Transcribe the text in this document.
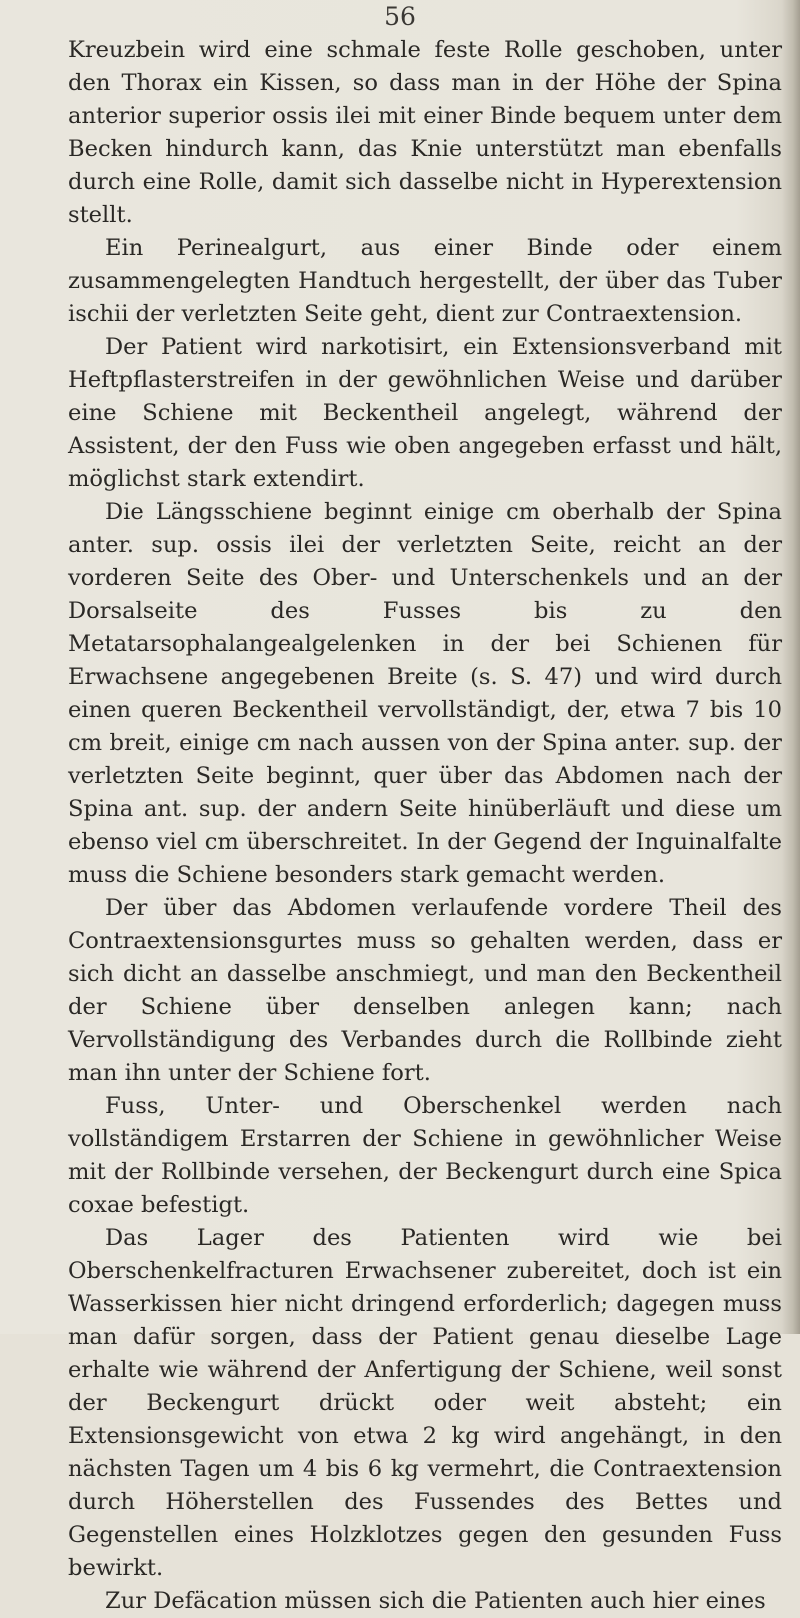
56

Kreuzbein wird eine schmale feste Rolle geschoben, unter den Thorax ein Kissen, so dass man in der Höhe der Spina anterior superior ossis ilei mit einer Binde bequem unter dem Becken hindurch kann, das Knie unterstützt man ebenfalls durch eine Rolle, damit sich dasselbe nicht in Hyperextension stellt.

Ein Perinealgurt, aus einer Binde oder einem zusammengelegten Handtuch hergestellt, der über das Tuber ischii der verletzten Seite geht, dient zur Contraextension.

Der Patient wird narkotisirt, ein Extensionsverband mit Heftpflasterstreifen in der gewöhnlichen Weise und darüber eine Schiene mit Beckentheil angelegt, während der Assistent, der den Fuss wie oben angegeben erfasst und hält, möglichst stark extendirt.

Die Längsschiene beginnt einige cm oberhalb der Spina anter. sup. ossis ilei der verletzten Seite, reicht an der vorderen Seite des Ober- und Unterschenkels und an der Dorsalseite des Fusses bis zu den Metatarsophalangealgelenken in der bei Schienen für Erwachsene angegebenen Breite (s. S. 47) und wird durch einen queren Beckentheil vervollständigt, der, etwa 7 bis 10 cm breit, einige cm nach aussen von der Spina anter. sup. der verletzten Seite beginnt, quer über das Abdomen nach der Spina ant. sup. der andern Seite hinüberläuft und diese um ebenso viel cm überschreitet. In der Gegend der Inguinalfalte muss die Schiene besonders stark gemacht werden.

Der über das Abdomen verlaufende vordere Theil des Contraextensionsgurtes muss so gehalten werden, dass er sich dicht an dasselbe anschmiegt, und man den Beckentheil der Schiene über denselben anlegen kann; nach Vervollständigung des Verbandes durch die Rollbinde zieht man ihn unter der Schiene fort.

Fuss, Unter- und Oberschenkel werden nach vollständigem Erstarren der Schiene in gewöhnlicher Weise mit der Rollbinde versehen, der Beckengurt durch eine Spica coxae befestigt.

Das Lager des Patienten wird wie bei Oberschenkelfracturen Erwachsener zubereitet, doch ist ein Wasserkissen hier nicht dringend erforderlich; dagegen muss man dafür sorgen, dass der Patient genau dieselbe Lage erhalte wie während der Anfertigung der Schiene, weil sonst der Beckengurt drückt oder weit absteht; ein Extensionsgewicht von etwa 2 kg wird angehängt, in den nächsten Tagen um 4 bis 6 kg vermehrt, die Contraextension durch Höherstellen des Fussendes des Bettes und Gegenstellen eines Holzklotzes gegen den gesunden Fuss bewirkt.

Zur Defäcation müssen sich die Patienten auch hier eines
